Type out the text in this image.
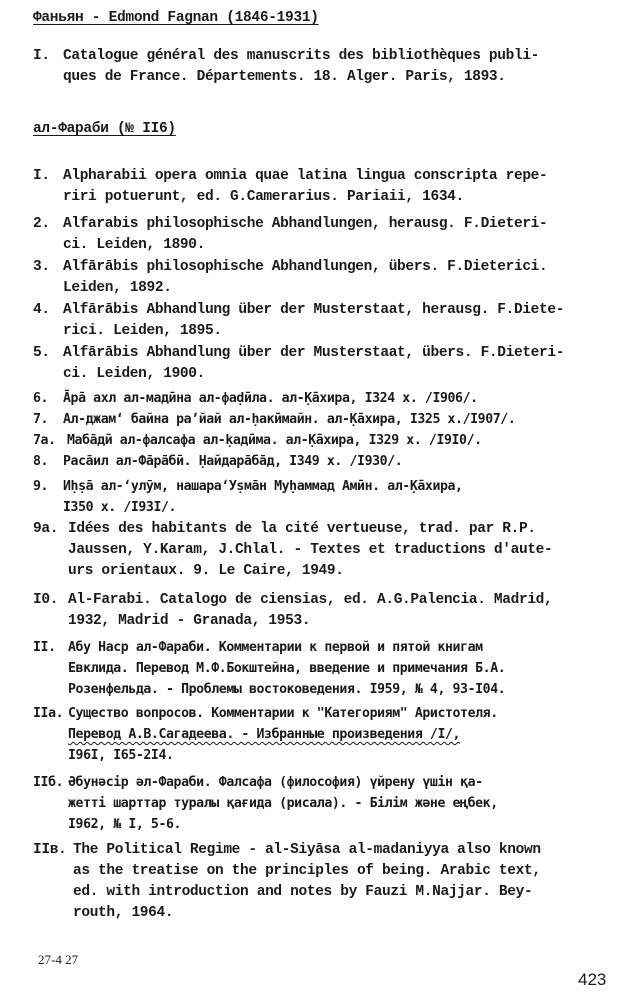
Фаньян - Edmond Fagnan (1846-1931)
I. Catalogue général des manuscrits des bibliothèques publi-
ques de France. Départements. 18. Alger. Paris, 1893.
ал-Фараби (№ II6)
I. Alpharabii opera omnia quae latina lingua conscripta repe-
riri potuerunt, ed. G.Camerarius. Pariaii, 1634.
2. Alfarabis philosophische Abhandlungen, herausg. F.Dieteri-
ci. Leiden, 1890.
3. Alfārābis philosophische Abhandlungen, übers. F.Dieterici.
Leiden, 1892.
4. Alfārābis Abhandlung über der Musterstaat, herausg. F.Diete-
rici. Leiden, 1895.
5. Alfārābis Abhandlung über der Musterstaat, übers. F.Dieteri-
ci. Leiden, 1900.
6. Āра̄ ахл ал-мадӣна ал-фаḍӣла. ал-Ḳа̄хира, I324 х. /I906/.
7. Ал-джамʻ байна раʼйай ал-ḥакӣмайн. ал-Ḳа̄хира, I325 х./I907/.
7а. Мабāдӣ ал-фалсафа ал-ḳадӣма. ал-Ḳа̄хира, I329 х. /I9I0/.
8. Расāил ал-Фāрāбӣ. Ḥайдарāбāд, I349 х. /I930/.
9. Иḥṣā ал-ʻулӯм, нашараʻУṣмāн Муḥаммад Амӣн. ал-Ḳа̄хира,
I350 х. /I93I/.
9a. Idées des habitants de la cité vertueuse, trad. par R.P.
Jaussen, Y.Karam, J.Chlal. - Textes et traductions d'aute-
urs orientaux. 9. Le Caire, 1949.
I0. Al-Farabi. Catalogo de ciensias, ed. A.G.Palencia. Madrid,
1932, Madrid - Granada, 1953.
II. Абу Наср ал-Фараби. Комментарии к первой и пятой книгам
Евклида. Перевод М.Ф.Бокштейна, введение и примечания Б.А.
Розенфельда. - Проблемы востоковедения. I959, № 4, 93-I04.
IIа. Существо вопросов. Комментарии к "Категориям" Аристотеля.
Перевод А.В.Сагадеева. - Избранные произведения /I/,
I96I, I65-2I4.
IIб. Әбунәсір әл-Фараби. Фалсафа (философия) үйрену үшін қа-
жетті шарттар туралы қағида (рисала). - Білім және еңбек,
I962, № I, 5-6.
IIв. The Political Regime - al-Siyāsa al-madaniyya also known
as the treatise on the principles of being. Arabic text,
ed. with introduction and notes by Fauzi M.Najjar. Bey-
routh, 1964.
27-4 27
423
